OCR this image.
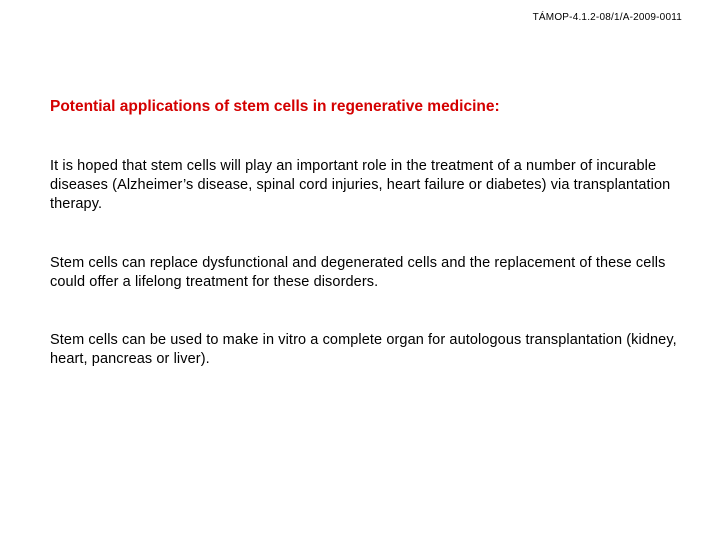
TÁMOP-4.1.2-08/1/A-2009-0011
Potential applications of stem cells in regenerative medicine:

It is hoped that stem cells will play an important role in the treatment of a number of incurable diseases (Alzheimer’s disease, spinal cord injuries, heart failure or diabetes) via transplantation therapy.

Stem cells can replace dysfunctional and degenerated cells and the replacement of these cells could offer a lifelong treatment for these disorders.

Stem cells can be used to make in vitro a complete organ for autologous transplantation (kidney, heart, pancreas or liver).
